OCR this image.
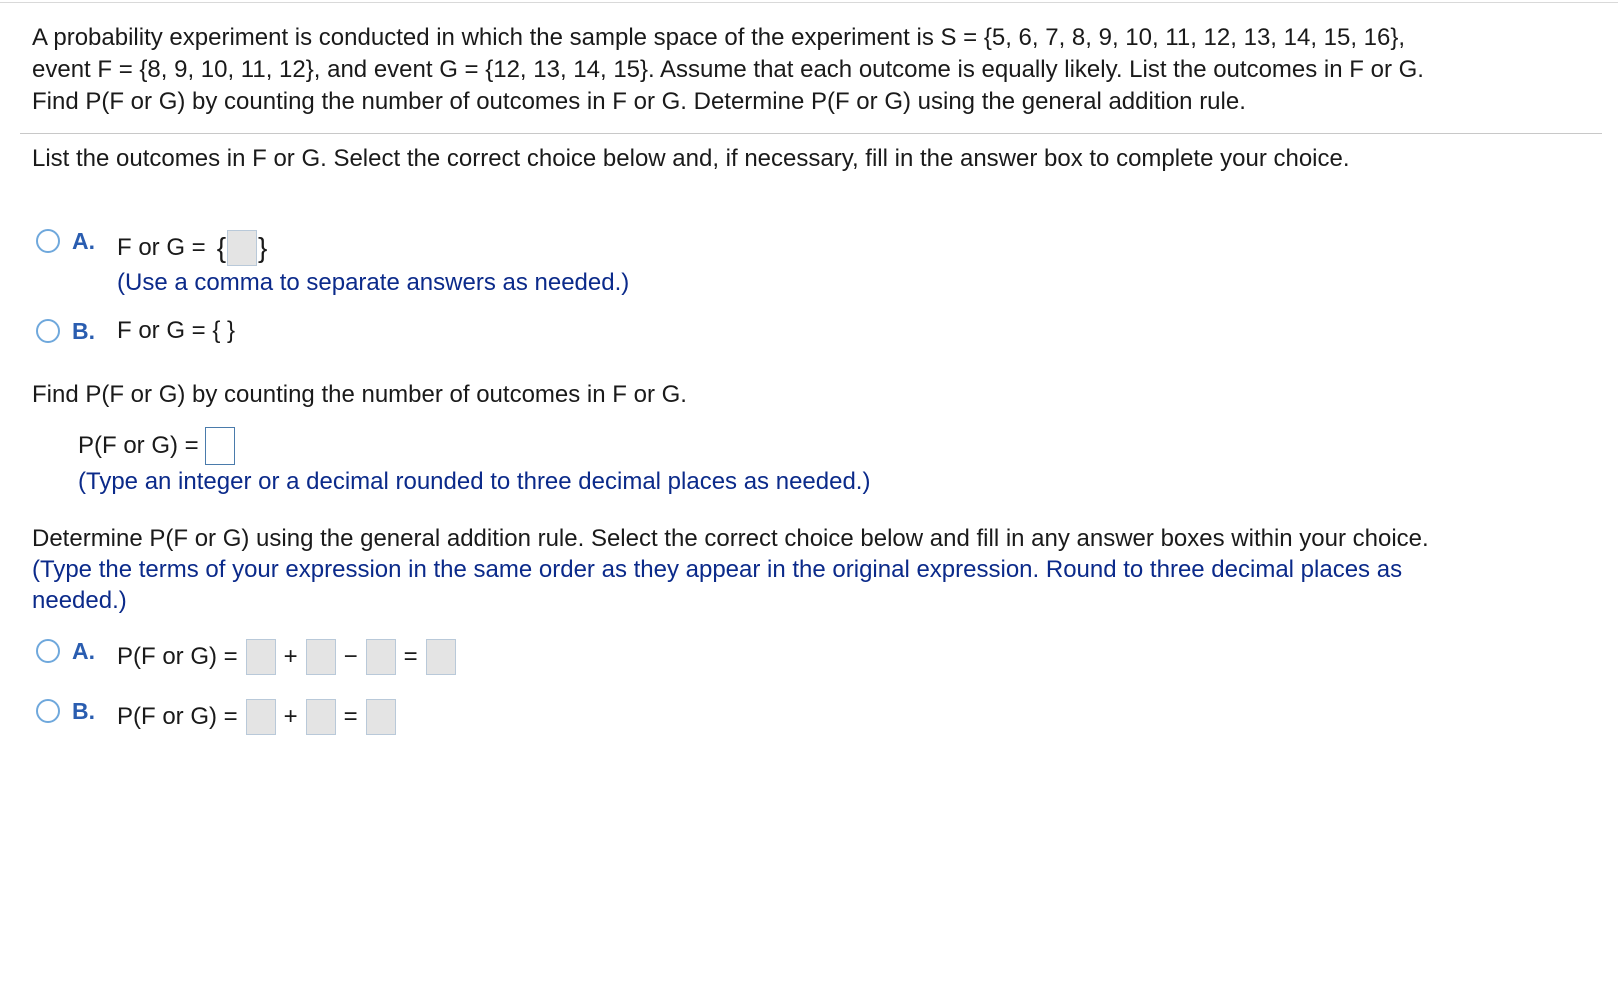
A probability experiment is conducted in which the sample space of the experiment is S = {5, 6, 7, 8, 9, 10, 11, 12, 13, 14, 15, 16},
event F = {8, 9, 10, 11, 12}, and event G = {12, 13, 14, 15}. Assume that each outcome is equally likely. List the outcomes in F or G.
Find P(F or G) by counting the number of outcomes in F or G. Determine P(F or G) using the general addition rule.
List the outcomes in F or G. Select the correct choice below and, if necessary, fill in the answer box to complete your choice.
A. F or G = { }
(Use a comma to separate answers as needed.)
B. F or G = { }
Find P(F or G) by counting the number of outcomes in F or G.
P(F or G) =
(Type an integer or a decimal rounded to three decimal places as needed.)
Determine P(F or G) using the general addition rule. Select the correct choice below and fill in any answer boxes within your choice.
(Type the terms of your expression in the same order as they appear in the original expression. Round to three decimal places as
needed.)
A. P(F or G) =	+	−	=
B. P(F or G) =	+	=
